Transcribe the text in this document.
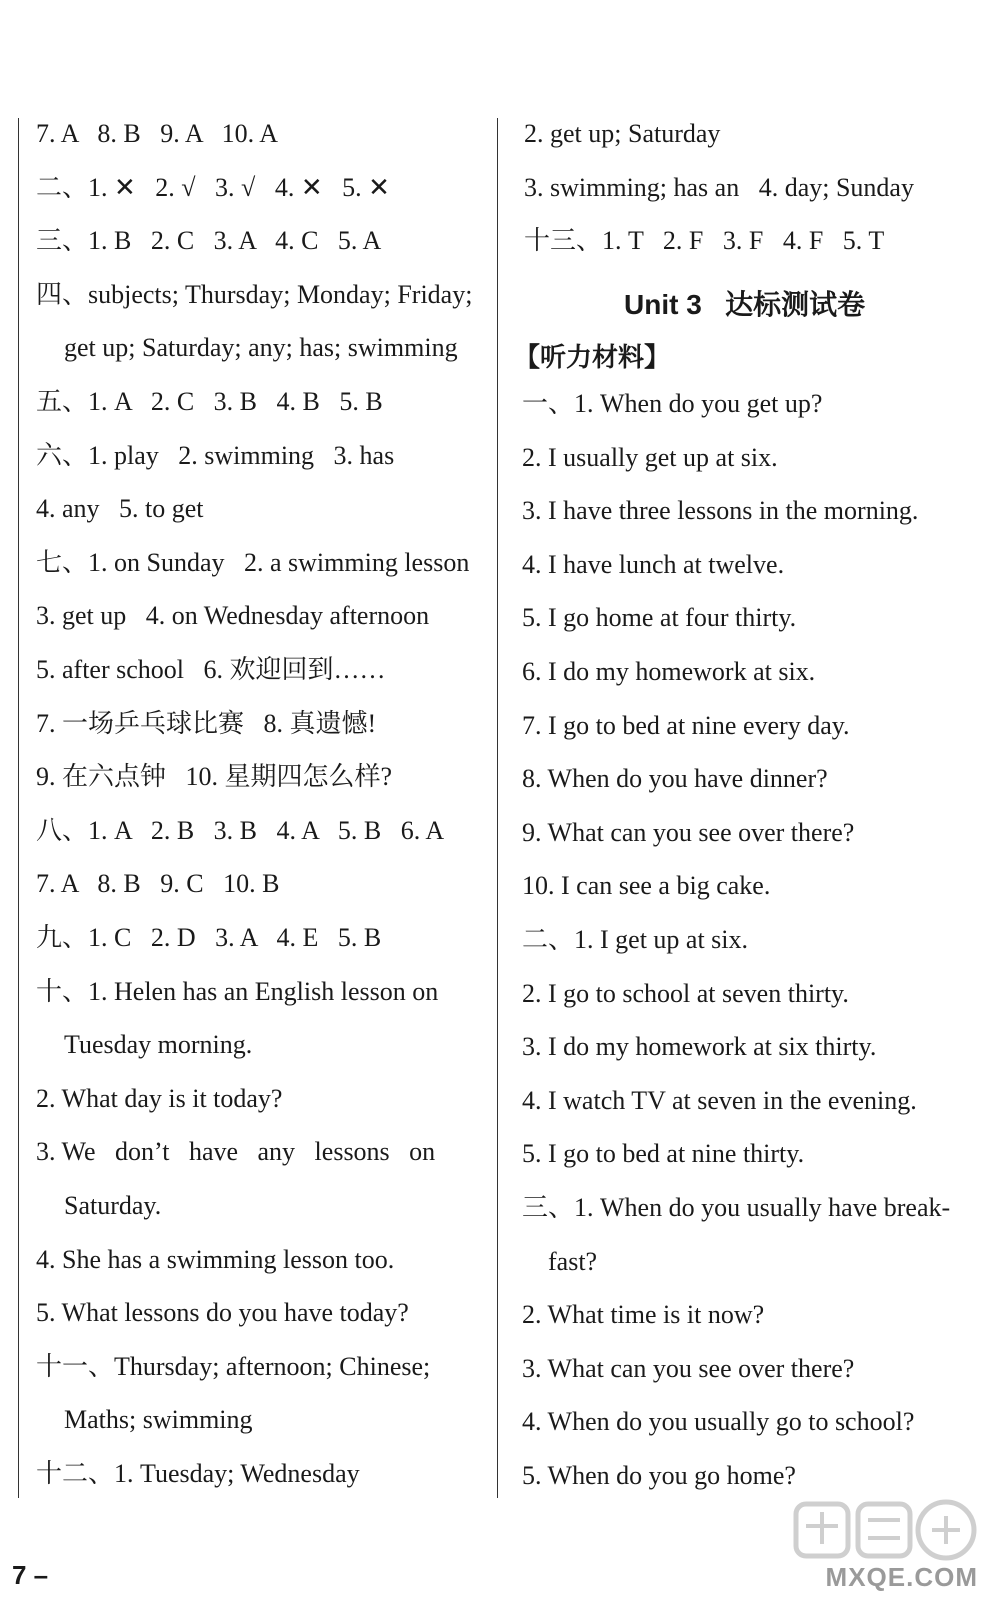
7. A   8. B   9. A   10. A
二、1. ✕   2. √   3. √   4. ✕   5. ✕
三、1. B   2. C   3. A   4. C   5. A
四、subjects; Thursday; Monday; Friday;
get up; Saturday; any; has; swimming
五、1. A   2. C   3. B   4. B   5. B
六、1. play   2. swimming   3. has
4. any   5. to get
七、1. on Sunday   2. a swimming lesson
3. get up   4. on Wednesday afternoon
5. after school   6. 欢迎回到……
7. 一场乒乓球比赛   8. 真遗憾!
9. 在六点钟   10. 星期四怎么样?
八、1. A   2. B   3. B   4. A   5. B   6. A
7. A   8. B   9. C   10. B
九、1. C   2. D   3. A   4. E   5. B
十、1. Helen has an English lesson on
Tuesday morning.
2. What day is it today?
3. We   don’t   have   any   lessons   on
Saturday.
4. She has a swimming lesson too.
5. What lessons do you have today?
十一、Thursday; afternoon; Chinese;
Maths; swimming
十二、1. Tuesday; Wednesday
2. get up; Saturday
3. swimming; has an   4. day; Sunday
十三、1. T   2. F   3. F   4. F   5. T
一、1. When do you get up?
2. I usually get up at six.
3. I have three lessons in the morning.
4. I have lunch at twelve.
5. I go home at four thirty.
6. I do my homework at six.
7. I go to bed at nine every day.
8. When do you have dinner?
9. What can you see over there?
10. I can see a big cake.
二、1. I get up at six.
2. I go to school at seven thirty.
3. I do my homework at six thirty.
4. I watch TV at seven in the evening.
5. I go to bed at nine thirty.
三、1. When do you usually have break-
fast?
2. What time is it now?
3. What can you see over there?
4. When do you usually go to school?
5. When do you go home?
Unit 3   达标测试卷
【听力材料】
7 –	MXQE.COM
